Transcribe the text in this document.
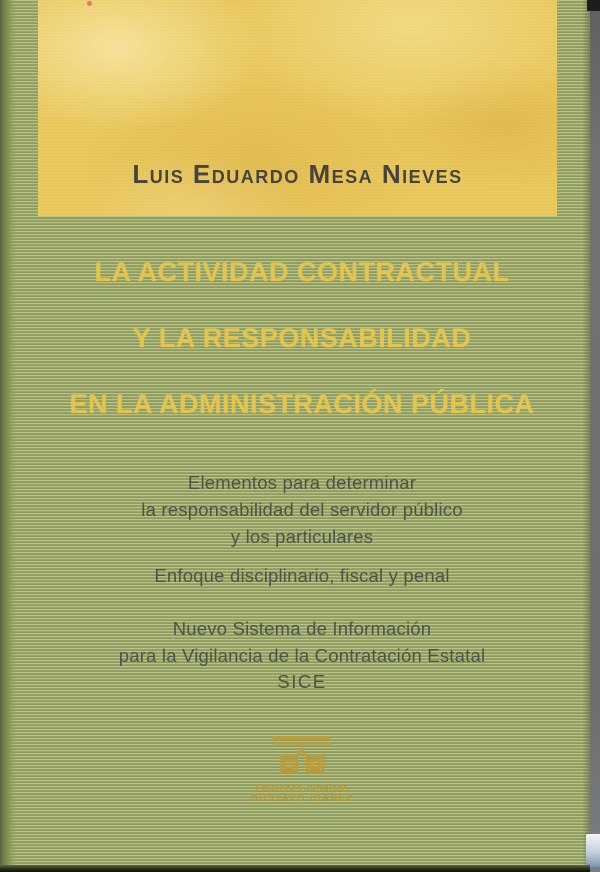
Luis Eduardo Mesa Nieves
LA ACTIVIDAD CONTRACTUAL
Y LA RESPONSABILIDAD
EN LA ADMINISTRACIÓN PÚBLICA
Elementos para determinar
la responsabilidad del servidor público
y los particulares
Enfoque disciplinario, fiscal y penal
Nuevo Sistema de Información
para la Vigilancia de la Contratación Estatal
SICE
Ediciones Jurídicas
GUSTAVO IBAÑEZ
